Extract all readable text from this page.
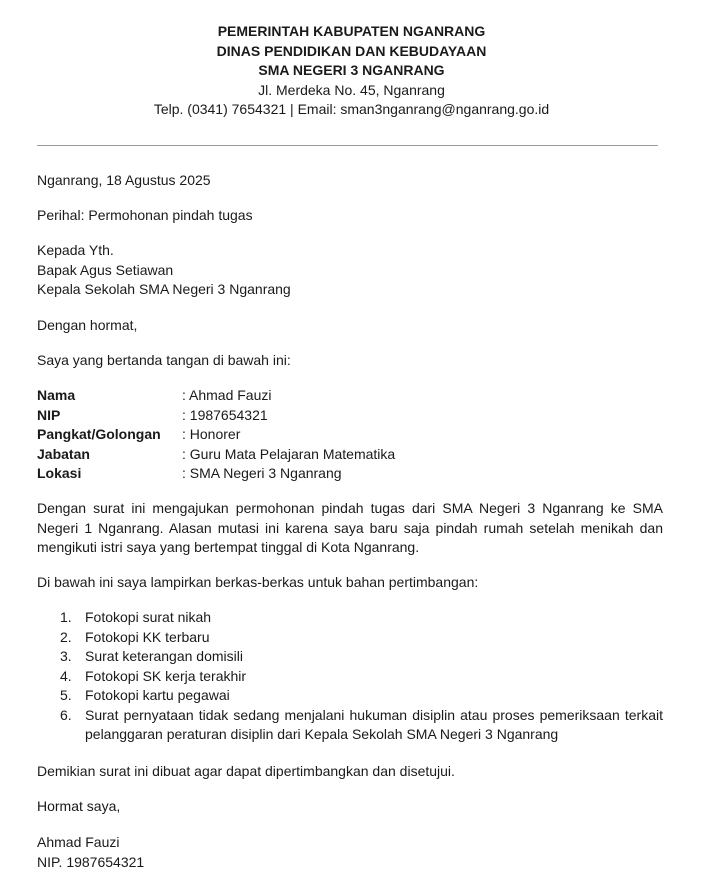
PEMERINTAH KABUPATEN NGANRANG
DINAS PENDIDIKAN DAN KEBUDAYAAN
SMA NEGERI 3 NGANRANG
Jl. Merdeka No. 45, Nganrang
Telp. (0341) 7654321 | Email: sman3nganrang@nganrang.go.id
Nganrang, 18 Agustus 2025
Perihal: Permohonan pindah tugas
Kepada Yth.
Bapak Agus Setiawan
Kepala Sekolah SMA Negeri 3 Nganrang
Dengan hormat,
Saya yang bertanda tangan di bawah ini:
Nama	: Ahmad Fauzi
NIP	: 1987654321
Pangkat/Golongan	: Honorer
Jabatan	: Guru Mata Pelajaran Matematika
Lokasi	: SMA Negeri 3 Nganrang
Dengan surat ini mengajukan permohonan pindah tugas dari SMA Negeri 3 Nganrang ke SMA Negeri 1 Nganrang. Alasan mutasi ini karena saya baru saja pindah rumah setelah menikah dan mengikuti istri saya yang bertempat tinggal di Kota Nganrang.
Di bawah ini saya lampirkan berkas-berkas untuk bahan pertimbangan:
1. Fotokopi surat nikah
2. Fotokopi KK terbaru
3. Surat keterangan domisili
4. Fotokopi SK kerja terakhir
5. Fotokopi kartu pegawai
6. Surat pernyataan tidak sedang menjalani hukuman disiplin atau proses pemeriksaan terkait pelanggaran peraturan disiplin dari Kepala Sekolah SMA Negeri 3 Nganrang
Demikian surat ini dibuat agar dapat dipertimbangkan dan disetujui.
Hormat saya,
Ahmad Fauzi
NIP. 1987654321
